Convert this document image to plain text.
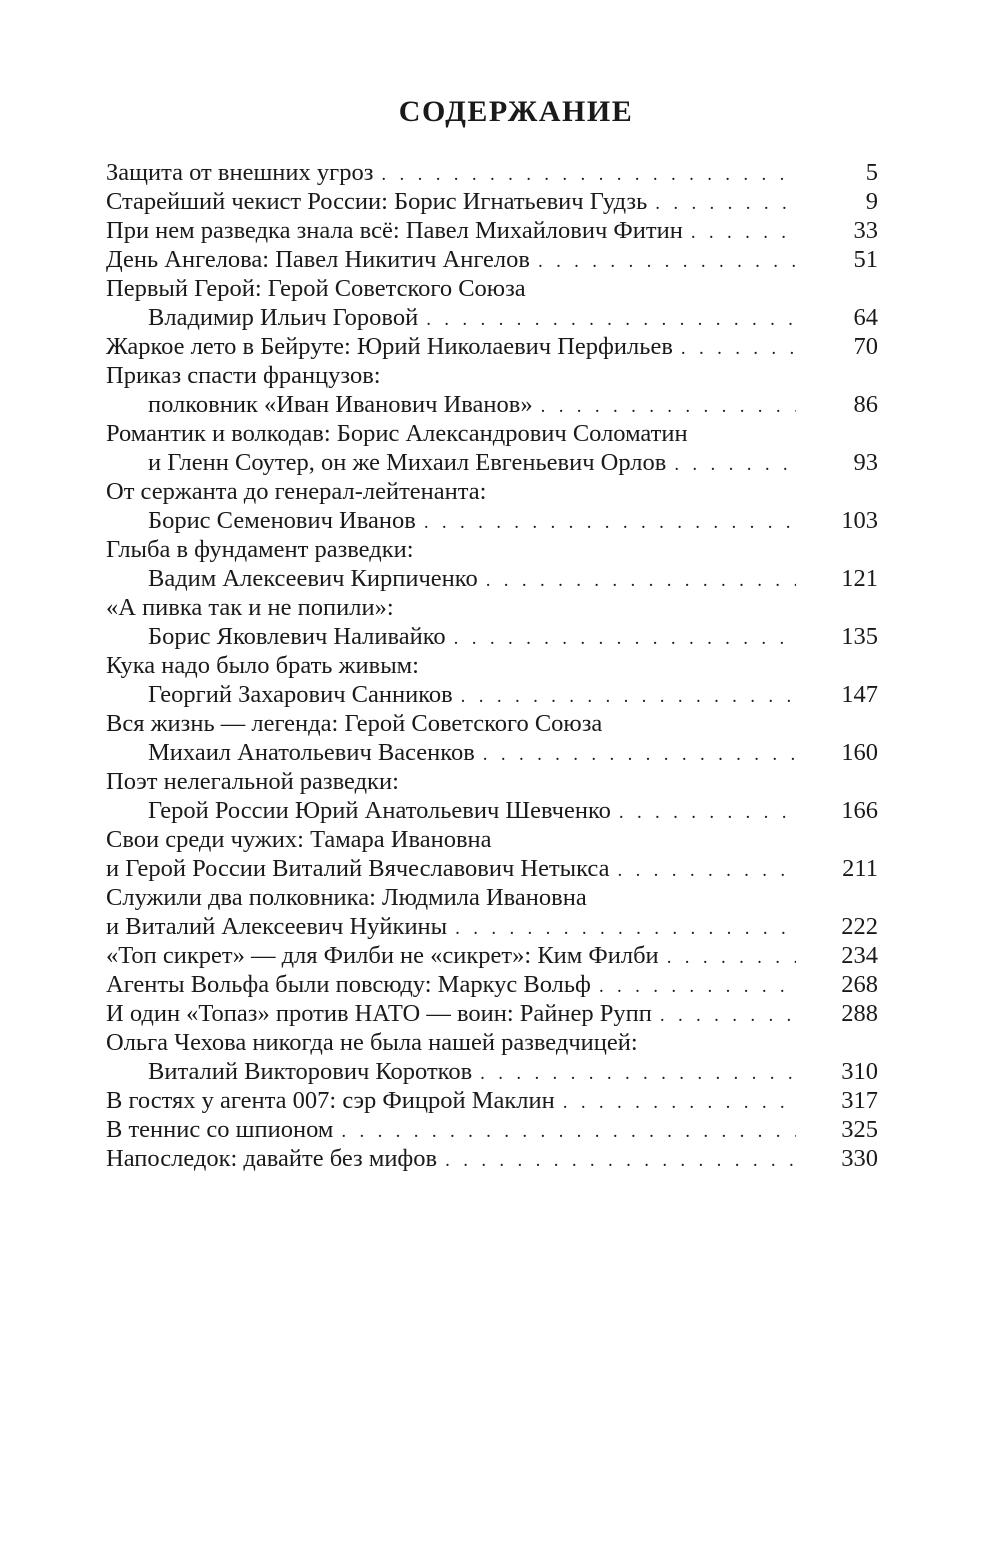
СОДЕРЖАНИЕ
Защита от внешних угроз . . .	5
Старейший чекист России: Борис Игнатьевич Гудзь . . .	9
При нем разведка знала всё: Павел Михайлович Фитин . . .	33
День Ангелова: Павел Никитич Ангелов . . .	51
Первый Герой: Герой Советского Союза
Владимир Ильич Горовой . . .	64
Жаркое лето в Бейруте: Юрий Николаевич Перфильев . . .	70
Приказ спасти французов:
полковник «Иван Иванович Иванов» . . .	86
Романтик и волкодав: Борис Александрович Соломатин
и Гленн Соутер, он же Михаил Евгеньевич Орлов . . .	93
От сержанта до генерал-лейтенанта:
Борис Семенович Иванов . . .	103
Глыба в фундамент разведки:
Вадим Алексеевич Кирпиченко . . .	121
«А пивка так и не попили»:
Борис Яковлевич Наливайко . . .	135
Кука надо было брать живым:
Георгий Захарович Санников . . .	147
Вся жизнь — легенда: Герой Советского Союза
Михаил Анатольевич Васенков . . .	160
Поэт нелегальной разведки:
Герой России Юрий Анатольевич Шевченко . . .	166
Свои среди чужих: Тамара Ивановна
и Герой России Виталий Вячеславович Нетыкса . . .	211
Служили два полковника: Людмила Ивановна
и Виталий Алексеевич Нуйкины . . .	222
«Топ сикрет» — для Филби не «сикрет»: Ким Филби . . .	234
Агенты Вольфа были повсюду: Маркус Вольф . . .	268
И один «Топаз» против НАТО — воин: Райнер Рупп . . .	288
Ольга Чехова никогда не была нашей разведчицей:
Виталий Викторович Коротков . . .	310
В гостях у агента 007: сэр Фицрой Маклин . . .	317
В теннис со шпионом . . .	325
Напоследок: давайте без мифов . . .	330
